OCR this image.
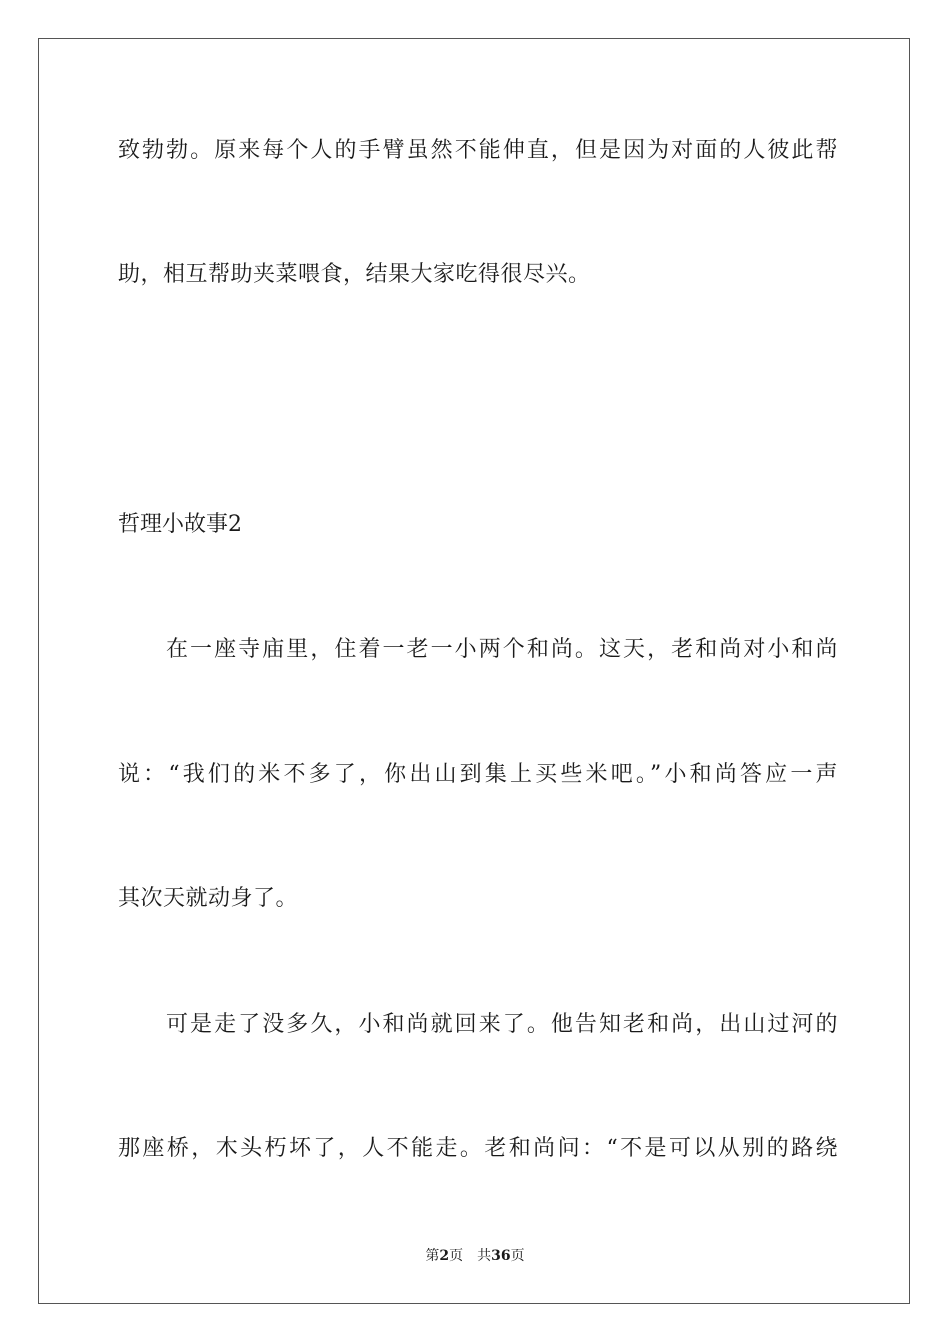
致勃勃。原来每个人的手臂虽然不能伸直，但是因为对面的人彼此帮
助，相互帮助夹菜喂食，结果大家吃得很尽兴。
哲理小故事2
在一座寺庙里，住着一老一小两个和尚。这天，老和尚对小和尚
说：“我们的米不多了，你出山到集上买些米吧。”小和尚答应一声
其次天就动身了。
可是走了没多久，小和尚就回来了。他告知老和尚，出山过河的
那座桥，木头朽坏了，人不能走。老和尚问：“不是可以从别的路绕
第2页 共36页
